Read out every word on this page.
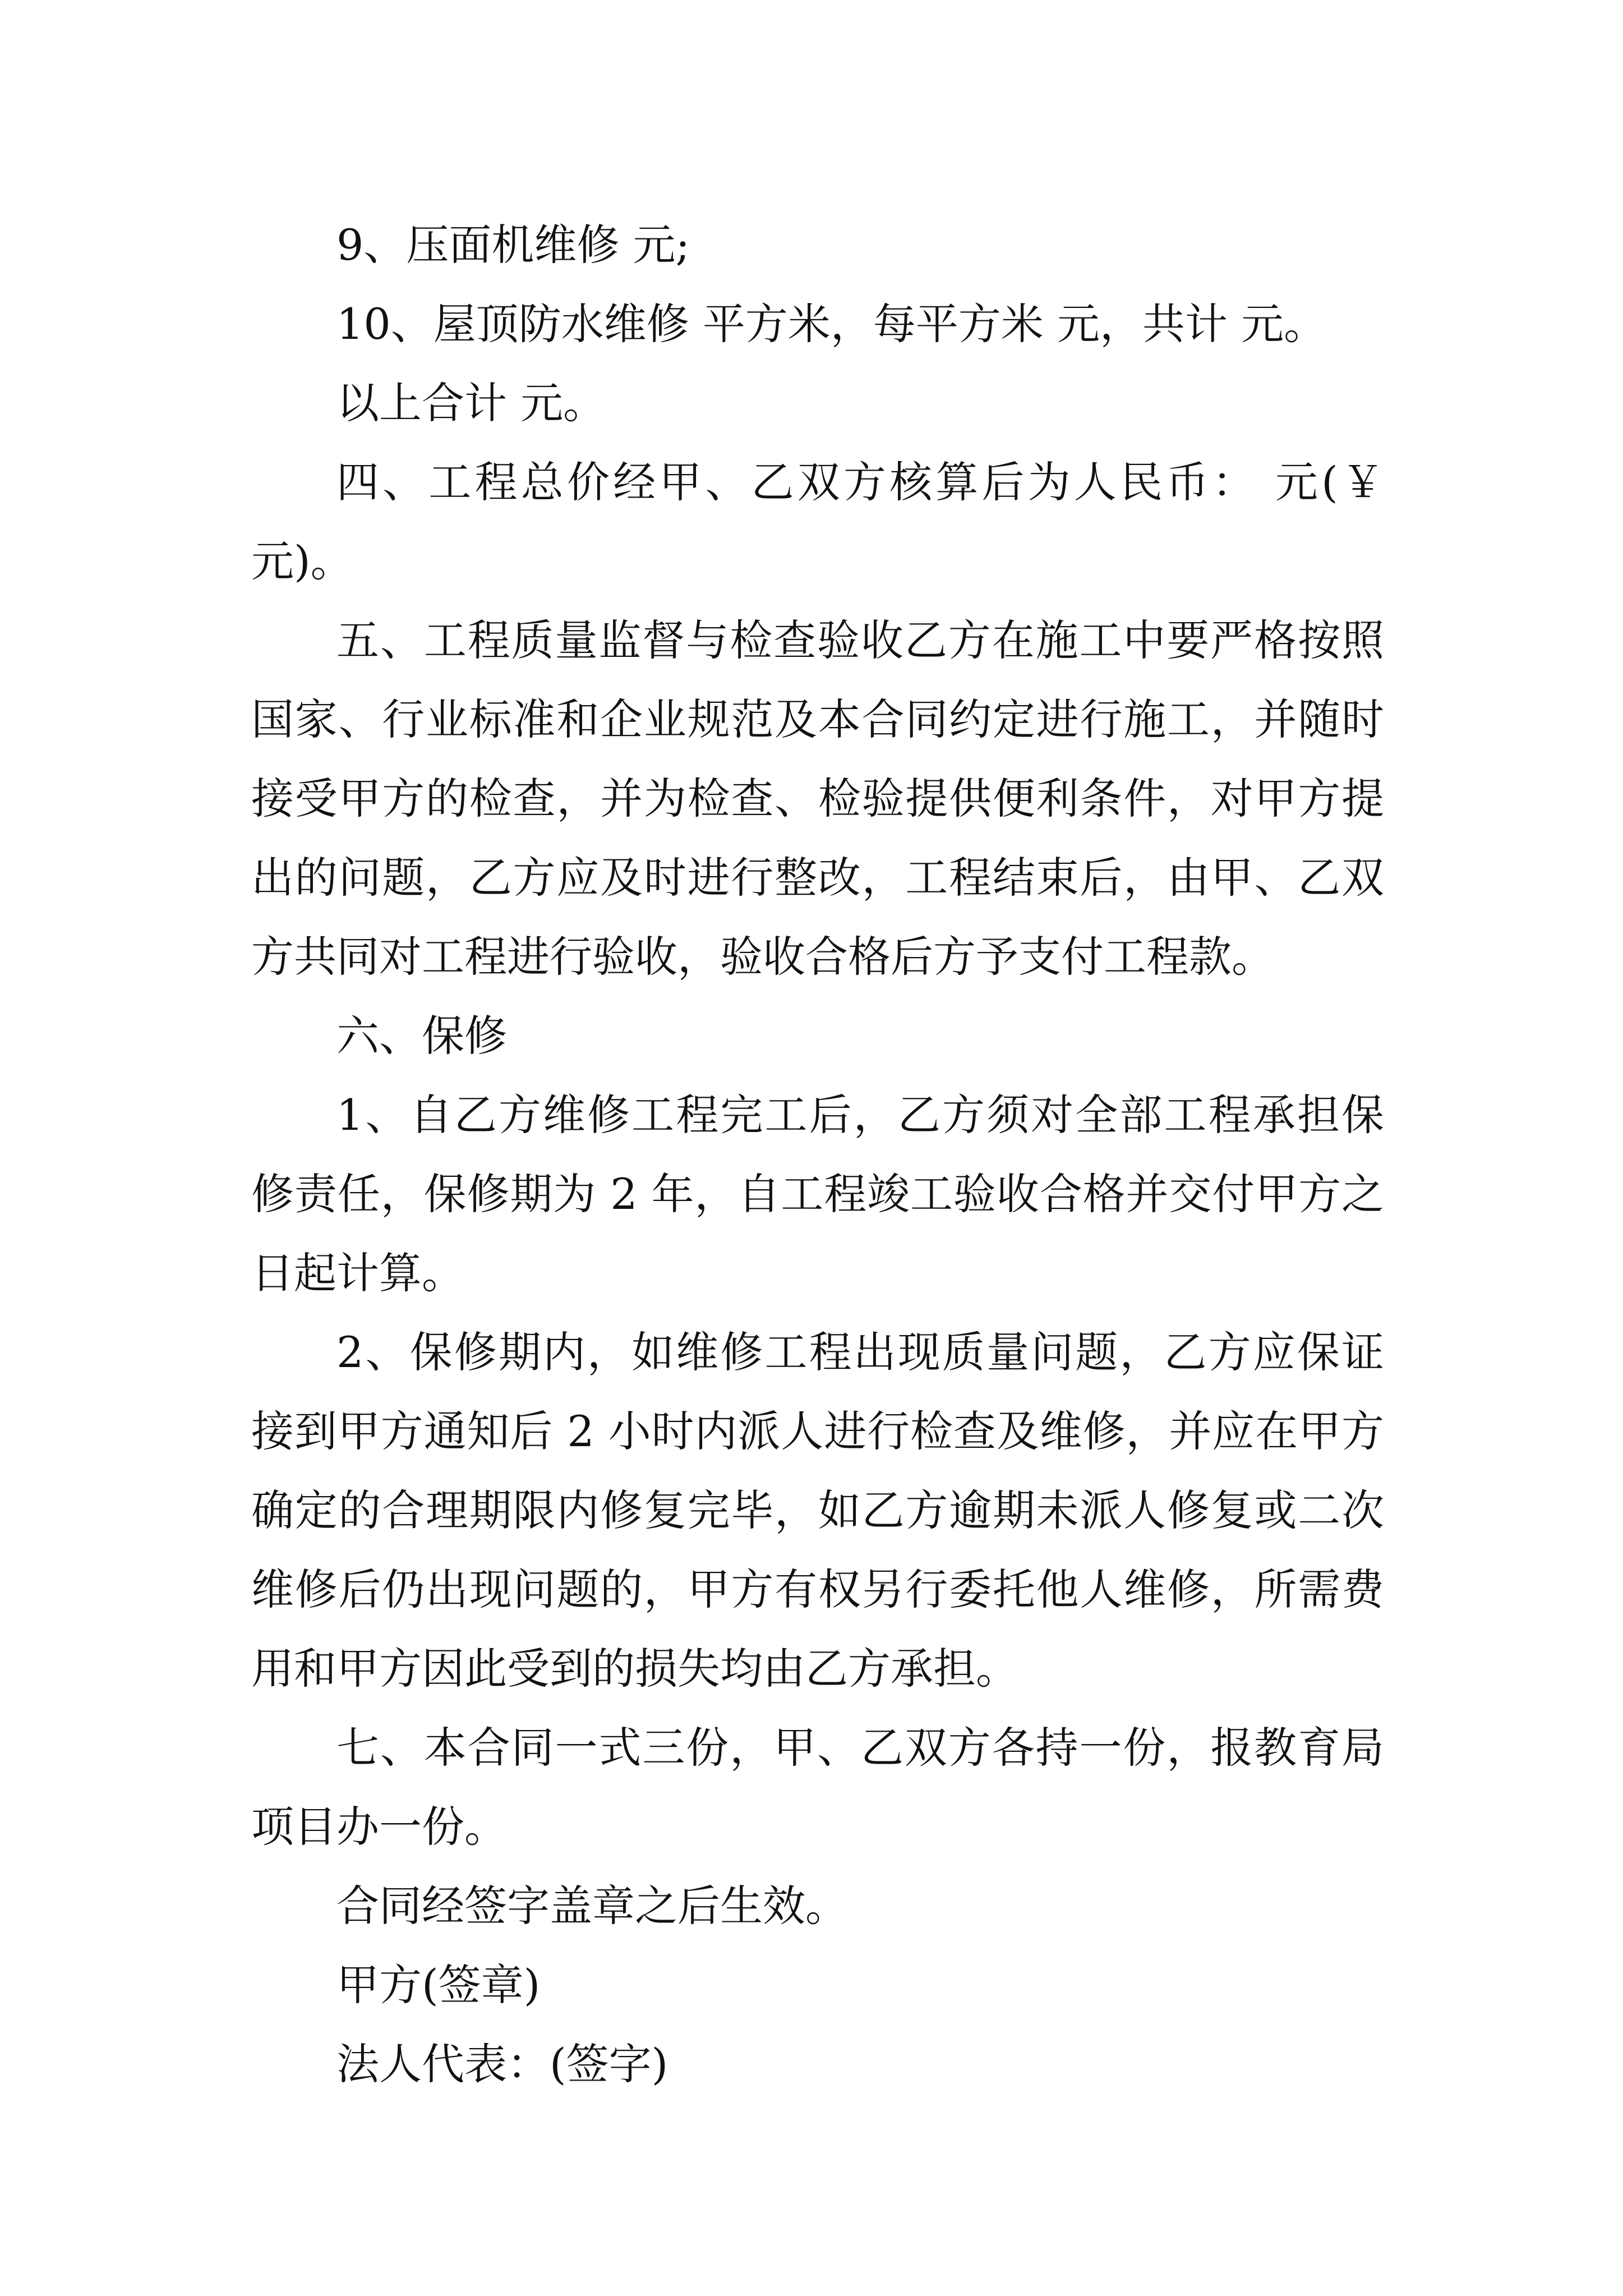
9、压面机维修 元;

10、屋顶防水维修 平方米，每平方米 元，共计 元。

以上合计 元。

四、工程总价经甲、乙双方核算后为人民币： 元(￥ 元)。

五、工程质量监督与检查验收乙方在施工中要严格按照国家、行业标准和企业规范及本合同约定进行施工，并随时接受甲方的检查，并为检查、检验提供便利条件，对甲方提出的问题，乙方应及时进行整改，工程结束后，由甲、乙双方共同对工程进行验收，验收合格后方予支付工程款。

六、保修

1、自乙方维修工程完工后，乙方须对全部工程承担保修责任，保修期为 2 年，自工程竣工验收合格并交付甲方之日起计算。

2、保修期内，如维修工程出现质量问题，乙方应保证接到甲方通知后 2 小时内派人进行检查及维修，并应在甲方确定的合理期限内修复完毕，如乙方逾期未派人修复或二次维修后仍出现问题的，甲方有权另行委托他人维修，所需费用和甲方因此受到的损失均由乙方承担。

七、本合同一式三份，甲、乙双方各持一份，报教育局项目办一份。

合同经签字盖章之后生效。

甲方(签章)

法人代表：(签字)
